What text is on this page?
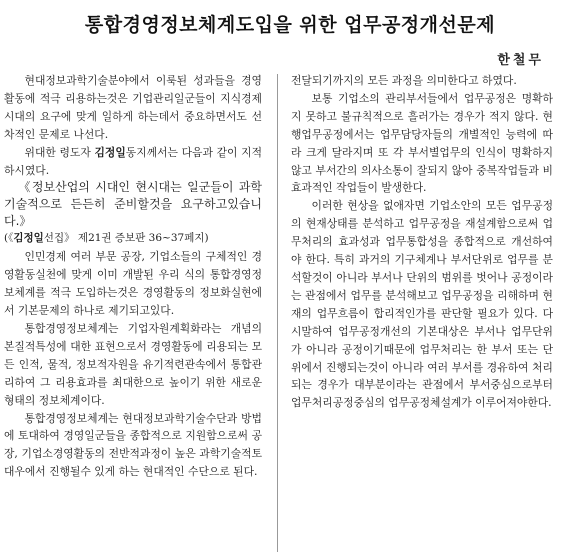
통합경영정보체계도입을 위한 업무공정개선문제
한철무

현대정보과학기술분야에서 이룩된 성과들을 경영활동에 적극 리용하는것은 기업관리일군들이 지식경제시대의 요구에 맞게 일하게 하는데서 중요하면서도 선차적인 문제로 나선다.

위대한 령도자 김정일동지께서는 다음과 같이 지적하시였다.

《정보산업의 시대인 현시대는 일군들이 과학기술적으로 든든히 준비할것을 요구하고있습니다.》

(《김정일선집》 제21권 증보판 36~37페지)

인민경제 여러 부문 공장, 기업소들의 구체적인 경영활동실천에 맞게 이미 개발된 우리 식의 통합경영정보체계를 적극 도입하는것은 경영활동의 정보화실현에서 기본문제의 하나로 제기되고있다.

통합경영정보체계는 기업자원계획화라는 개념의 본질적특성에 대한 표현으로서 경영활동에 리용되는 모든 인적, 물적, 정보적자원을 유기적련관속에서 통합관리하여 그 리용효과를 최대한으로 높이기 위한 새로운 형태의 정보체계이다.

통합경영정보체계는 현대정보과학기술수단과 방법에 토대하여 경영일군들을 종합적으로 지원함으로써 공장, 기업소경영활동의 전반적과정이 높은 과학기술적토대우에서 진행될수 있게 하는 현대적인 수단으로 된다.

전달되기까지의 모든 과정을 의미한다고 하였다.

보통 기업소의 관리부서들에서 업무공정은 명확하지 못하고 불규칙적으로 흘러가는 경우가 적지 않다. 현행업무공정에서는 업무담당자들의 개별적인 능력에 따라 크게 달라지며 또 각 부서별업무의 인식이 명확하지 않고 부서간의 의사소통이 잘되지 않아 중복작업들과 비효과적인 작업들이 발생한다.

이러한 현상을 없애자면 기업소안의 모든 업무공정의 현재상태를 분석하고 업무공정을 재설계함으로써 업무처리의 효과성과 업무통합성을 종합적으로 개선하여야 한다. 특히 과거의 기구체계나 부서단위로 업무를 분석할것이 아니라 부서나 단위의 범위를 벗어나 공정이라는 관점에서 업무를 분석해보고 업무공정을 리해하며 현재의 업무흐름이 합리적인가를 판단할 필요가 있다. 다시말하여 업무공정개선의 기본대상은 부서나 업무단위가 아니라 공정이기때문에 업무처리는 한 부서 또는 단위에서 진행되는것이 아니라 여러 부서를 경유하여 처리되는 경우가 대부분이라는 관점에서 부서중심으로부터 업무처리공정중심의 업무공정체설계가 이루어져야한다.
